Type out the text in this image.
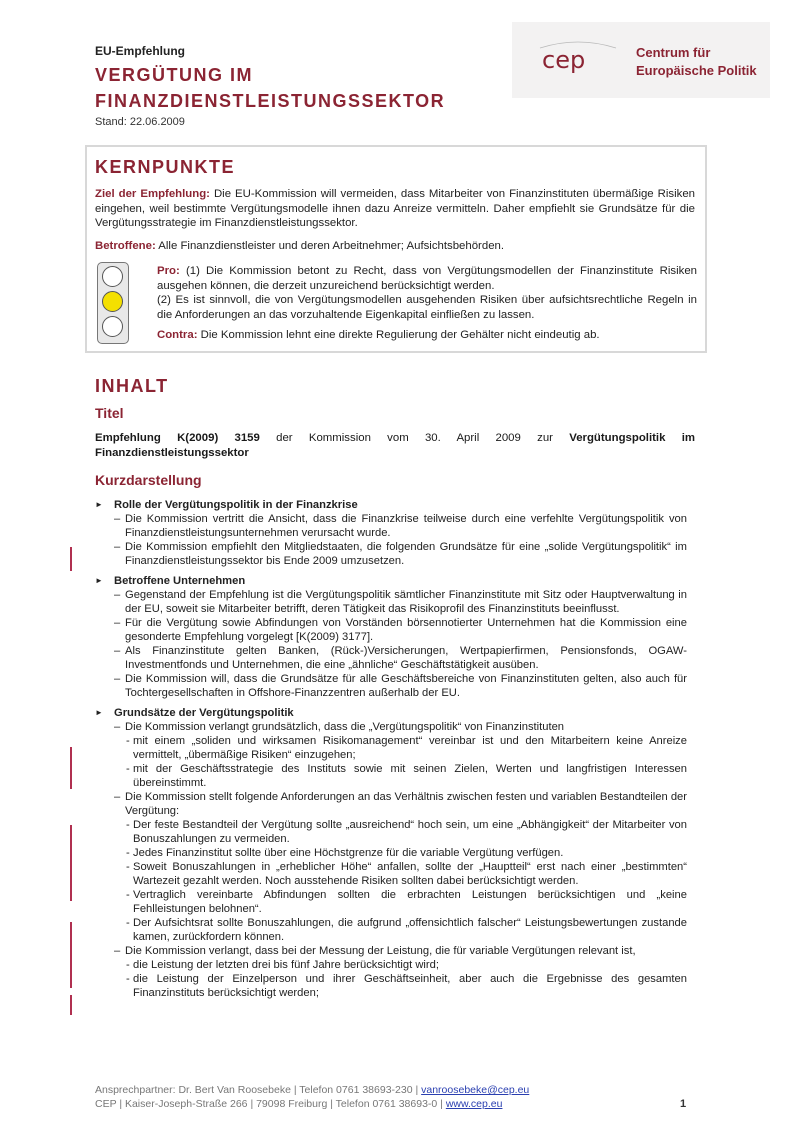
EU-Empfehlung
VERGÜTUNG IM
FINANZDIENSTLEISTUNGSSEKTOR
Stand: 22.06.2009
cep	Centrum für
Europäische Politik
KERNPUNKTE
Ziel der Empfehlung: Die EU-Kommission will vermeiden, dass Mitarbeiter von Finanzinstituten übermäßige Risiken eingehen, weil bestimmte Vergütungsmodelle ihnen dazu Anreize vermitteln. Daher empfiehlt sie Grundsätze für die Vergütungsstrategie im Finanzdienstleistungssektor.
Betroffene: Alle Finanzdienstleister und deren Arbeitnehmer; Aufsichtsbehörden.
Pro: (1) Die Kommission betont zu Recht, dass von Vergütungsmodellen der Finanzinstitute Risiken ausgehen können, die derzeit unzureichend berücksichtigt werden.
(2) Es ist sinnvoll, die von Vergütungsmodellen ausgehenden Risiken über aufsichtsrechtliche Regeln in die Anforderungen an das vorzuhaltende Eigenkapital einfließen zu lassen.
Contra: Die Kommission lehnt eine direkte Regulierung der Gehälter nicht eindeutig ab.
INHALT
Titel
Empfehlung K(2009) 3159 der Kommission vom 30. April 2009 zur Vergütungspolitik im Finanzdienstleistungssektor
Kurzdarstellung
► Rolle der Vergütungspolitik in der Finanzkrise
– Die Kommission vertritt die Ansicht, dass die Finanzkrise teilweise durch eine verfehlte Vergütungspolitik von Finanzdienstleistungsunternehmen verursacht wurde.
– Die Kommission empfiehlt den Mitgliedstaaten, die folgenden Grundsätze für eine „solide Vergütungspolitik“ im Finanzdienstleistungssektor bis Ende 2009 umzusetzen.
► Betroffene Unternehmen
– Gegenstand der Empfehlung ist die Vergütungspolitik sämtlicher Finanzinstitute mit Sitz oder Hauptverwaltung in der EU, soweit sie Mitarbeiter betrifft, deren Tätigkeit das Risikoprofil des Finanzinstituts beeinflusst.
– Für die Vergütung sowie Abfindungen von Vorständen börsennotierter Unternehmen hat die Kommission eine gesonderte Empfehlung vorgelegt [K(2009) 3177].
– Als Finanzinstitute gelten Banken, (Rück-)Versicherungen, Wertpapierfirmen, Pensionsfonds, OGAW-Investmentfonds und Unternehmen, die eine „ähnliche“ Geschäftstätigkeit ausüben.
– Die Kommission will, dass die Grundsätze für alle Geschäftsbereiche von Finanzinstituten gelten, also auch für Tochtergesellschaften in Offshore-Finanzzentren außerhalb der EU.
► Grundsätze der Vergütungspolitik
– Die Kommission verlangt grundsätzlich, dass die „Vergütungspolitik“ von Finanzinstituten
- mit einem „soliden und wirksamen Risikomanagement“ vereinbar ist und den Mitarbeitern keine Anreize vermittelt, „übermäßige Risiken“ einzugehen;
- mit der Geschäftsstrategie des Instituts sowie mit seinen Zielen, Werten und langfristigen Interessen übereinstimmt.
– Die Kommission stellt folgende Anforderungen an das Verhältnis zwischen festen und variablen Bestandteilen der Vergütung:
- Der feste Bestandteil der Vergütung sollte „ausreichend“ hoch sein, um eine „Abhängigkeit“ der Mitarbeiter von Bonuszahlungen zu vermeiden.
- Jedes Finanzinstitut sollte über eine Höchstgrenze für die variable Vergütung verfügen.
- Soweit Bonuszahlungen in „erheblicher Höhe“ anfallen, sollte der „Hauptteil“ erst nach einer „bestimmten“ Wartezeit gezahlt werden. Noch ausstehende Risiken sollten dabei berücksichtigt werden.
- Vertraglich vereinbarte Abfindungen sollten die erbrachten Leistungen berücksichtigen und „keine Fehlleistungen belohnen“.
- Der Aufsichtsrat sollte Bonuszahlungen, die aufgrund „offensichtlich falscher“ Leistungsbewertungen zustande kamen, zurückfordern können.
– Die Kommission verlangt, dass bei der Messung der Leistung, die für variable Vergütungen relevant ist,
- die Leistung der letzten drei bis fünf Jahre berücksichtigt wird;
- die Leistung der Einzelperson und ihrer Geschäftseinheit, aber auch die Ergebnisse des gesamten Finanzinstituts berücksichtigt werden;
Ansprechpartner: Dr. Bert Van Roosebeke | Telefon 0761 38693-230 | vanroosebeke@cep.eu
CEP | Kaiser-Joseph-Straße 266 | 79098 Freiburg | Telefon 0761 38693-0 | www.cep.eu	1
